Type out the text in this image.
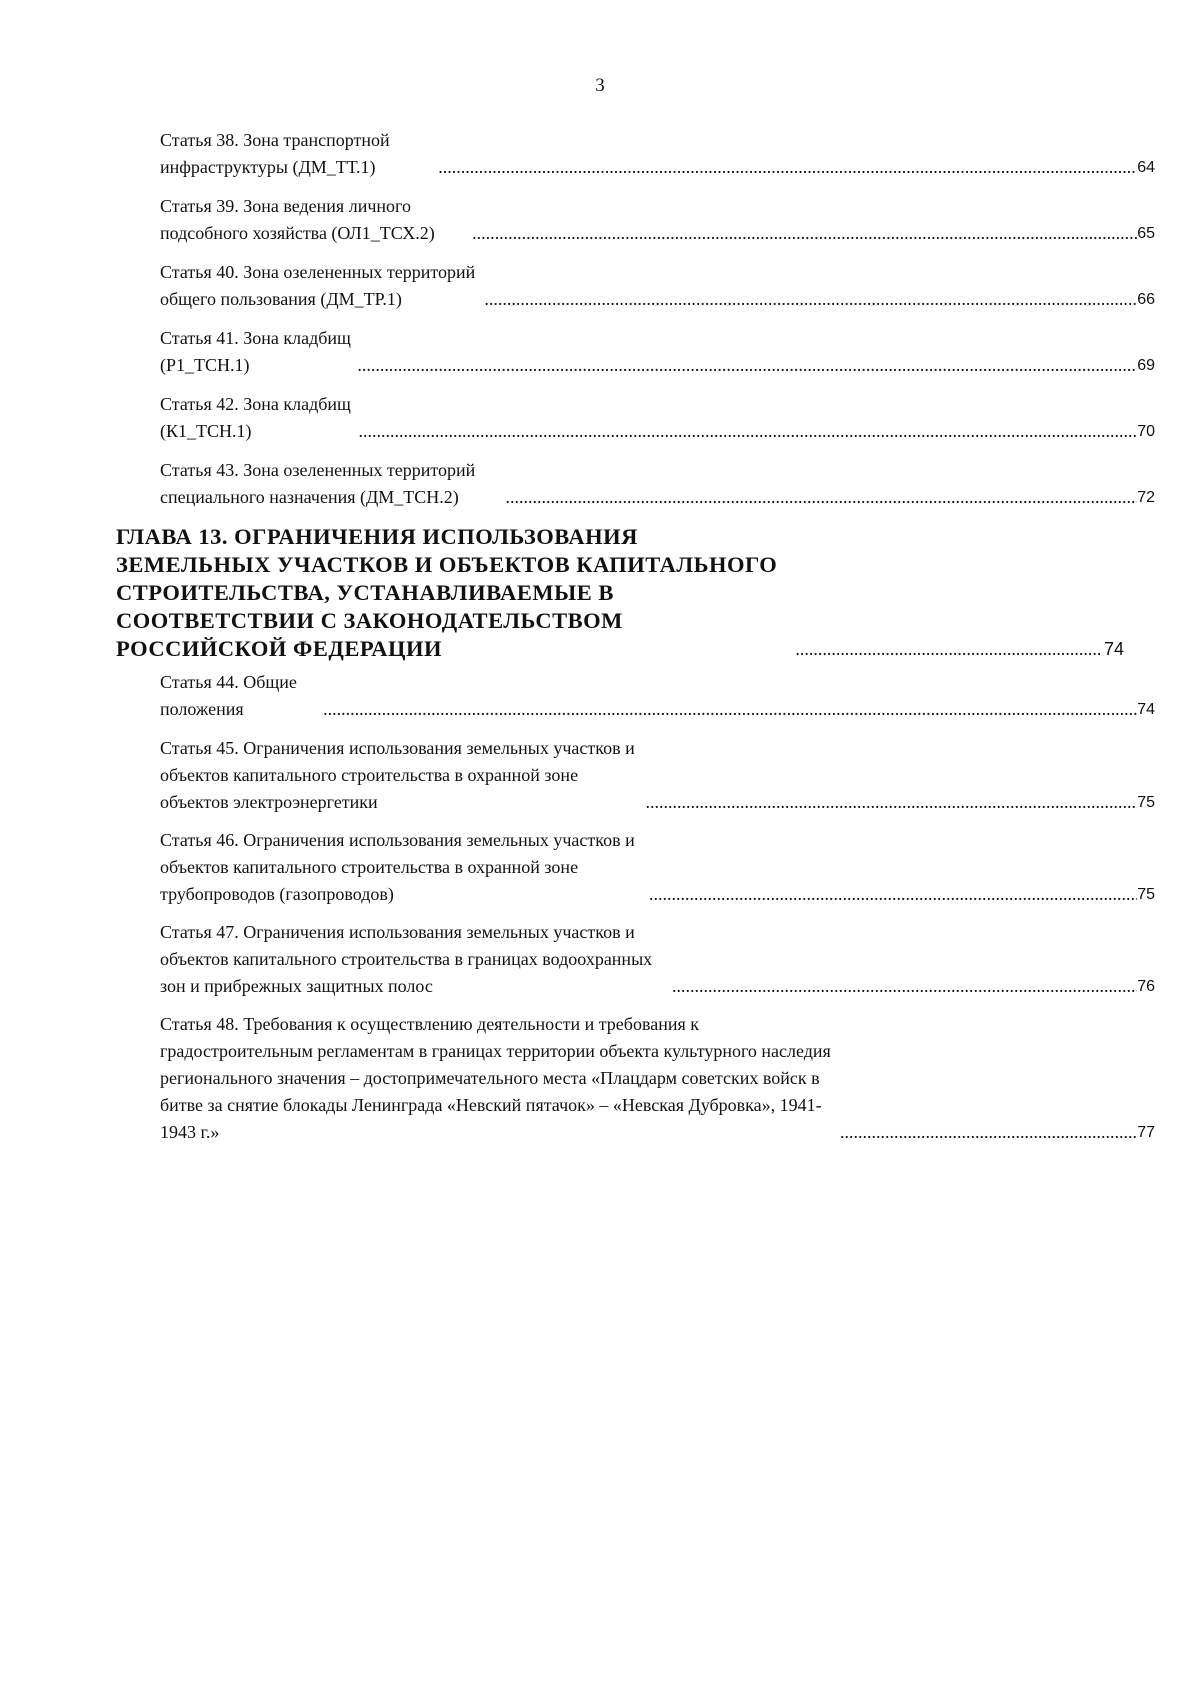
3
Статья 38. Зона транспортной инфраструктуры (ДМ_ТТ.1) .....	64
Статья 39. Зона ведения личного подсобного хозяйства (ОЛ1_ТСХ.2) .....	65
Статья 40. Зона озелененных территорий общего пользования (ДМ_ТР.1) .....	66
Статья 41. Зона кладбищ (Р1_ТСН.1) .....	69
Статья 42. Зона кладбищ (К1_ТСН.1) .....	70
Статья 43. Зона озелененных территорий специального назначения (ДМ_ТСН.2) .....	72
ГЛАВА 13. ОГРАНИЧЕНИЯ ИСПОЛЬЗОВАНИЯ ЗЕМЕЛЬНЫХ УЧАСТКОВ И ОБЪЕКТОВ КАПИТАЛЬНОГО СТРОИТЕЛЬСТВА, УСТАНАВЛИВАЕМЫЕ В СООТВЕТСТВИИ С ЗАКОНОДАТЕЛЬСТВОМ РОССИЙСКОЙ ФЕДЕРАЦИИ .....	74
Статья 44. Общие положения .....	74
Статья 45. Ограничения использования земельных участков и объектов капитального строительства в охранной зоне объектов электроэнергетики .....	75
Статья 46. Ограничения использования земельных участков и объектов капитального строительства в охранной зоне трубопроводов (газопроводов) .....	75
Статья 47. Ограничения использования земельных участков и объектов капитального строительства в границах водоохранных зон и прибрежных защитных полос .....	76
Статья 48. Требования к осуществлению деятельности и требования к градостроительным регламентам в границах территории объекта культурного наследия регионального значения – достопримечательного места «Плацдарм советских войск в битве за снятие блокады Ленинграда «Невский пятачок» – «Невская Дубровка», 1941-1943 г.» .....	77
